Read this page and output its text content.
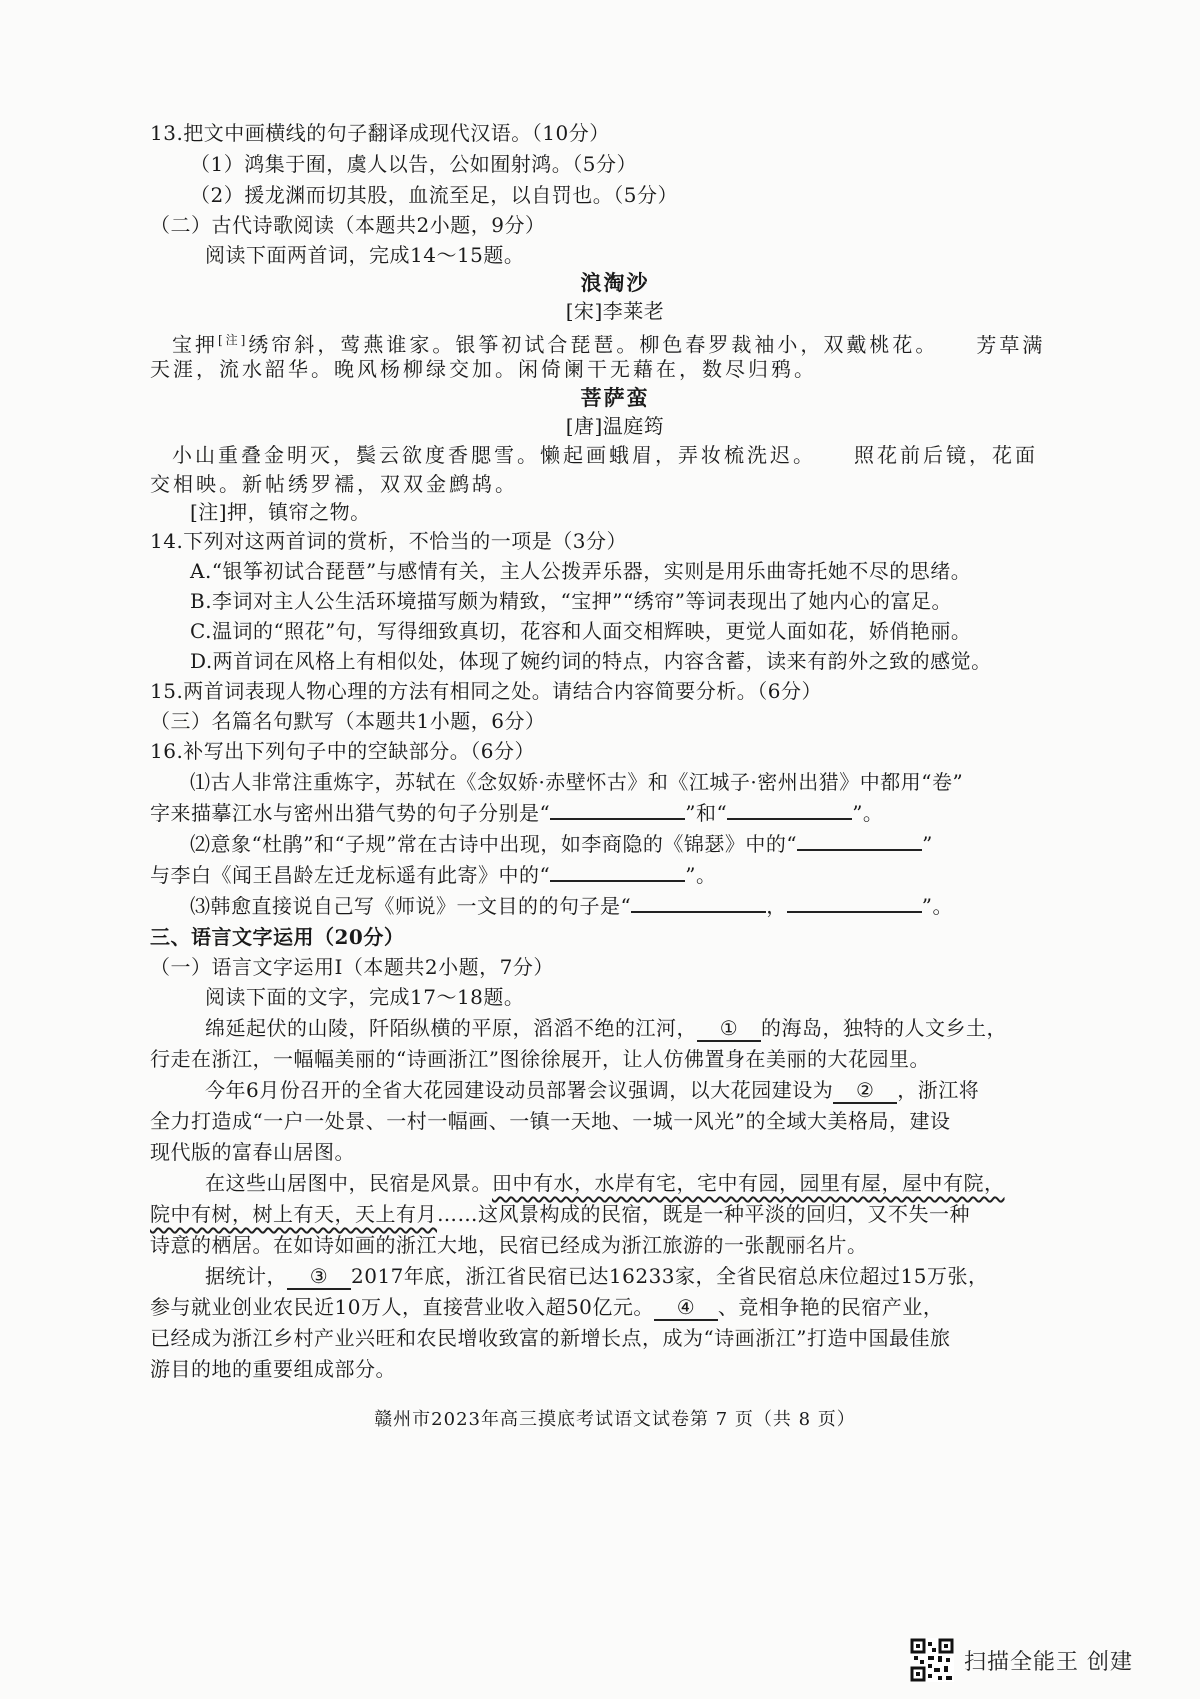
13.把文中画横线的句子翻译成现代汉语。（10分）
（1）鸿集于囿，虞人以告，公如囿射鸿。（5分）
（2）援龙渊而切其股，血流至足，以自罚也。（5分）
（二）古代诗歌阅读（本题共2小题，9分）
阅读下面两首词，完成14～15题。
浪淘沙
[宋]李莱老
宝押[注]绣帘斜，莺燕谁家。银筝初试合琵琶。柳色春罗裁袖小，双戴桃花。 芳草满
天涯，流水韶华。晚风杨柳绿交加。闲倚阑干无藉在，数尽归鸦。
菩萨蛮
[唐]温庭筠
小山重叠金明灭，鬓云欲度香腮雪。懒起画蛾眉，弄妆梳洗迟。 照花前后镜，花面
交相映。新帖绣罗襦，双双金鹧鸪。
[注]押，镇帘之物。
14.下列对这两首词的赏析，不恰当的一项是（3分）
A.“银筝初试合琵琶”与感情有关，主人公拨弄乐器，实则是用乐曲寄托她不尽的思绪。
B.李词对主人公生活环境描写颇为精致，“宝押”“绣帘”等词表现出了她内心的富足。
C.温词的“照花”句，写得细致真切，花容和人面交相辉映，更觉人面如花，娇俏艳丽。
D.两首词在风格上有相似处，体现了婉约词的特点，内容含蓄，读来有韵外之致的感觉。
15.两首词表现人物心理的方法有相同之处。请结合内容简要分析。（6分）
（三）名篇名句默写（本题共1小题，6分）
16.补写出下列句子中的空缺部分。（6分）
⑴古人非常注重炼字，苏轼在《念奴娇·赤壁怀古》和《江城子·密州出猎》中都用“卷”
字来描摹江水与密州出猎气势的句子分别是“	”和“	”。
⑵意象“杜鹃”和“子规”常在古诗中出现，如李商隐的《锦瑟》中的“	”
与李白《闻王昌龄左迁龙标遥有此寄》中的“	”。
⑶韩愈直接说自己写《师说》一文目的的句子是“	，	”。
三、语言文字运用（20分）
（一）语言文字运用Ⅰ（本题共2小题，7分）
阅读下面的文字，完成17～18题。
绵延起伏的山陵，阡陌纵横的平原，滔滔不绝的江河， ① 的海岛，独特的人文乡土，
行走在浙江，一幅幅美丽的“诗画浙江”图徐徐展开，让人仿佛置身在美丽的大花园里。
今年6月份召开的全省大花园建设动员部署会议强调，以大花园建设为 ② ，浙江将
全力打造成“一户一处景、一村一幅画、一镇一天地、一城一风光”的全域大美格局，建设
现代版的富春山居图。
在这些山居图中，民宿是风景。田中有水，水岸有宅，宅中有园，园里有屋，屋中有院，
院中有树，树上有天，天上有月……这风景构成的民宿，既是一种平淡的回归，又不失一种
诗意的栖居。在如诗如画的浙江大地，民宿已经成为浙江旅游的一张靓丽名片。
据统计， ③ 2017年底，浙江省民宿已达16233家，全省民宿总床位超过15万张，
参与就业创业农民近10万人，直接营业收入超50亿元。 ④ 、竞相争艳的民宿产业，
已经成为浙江乡村产业兴旺和农民增收致富的新增长点，成为“诗画浙江”打造中国最佳旅
游目的地的重要组成部分。
赣州市2023年高三摸底考试语文试卷第 7 页（共 8 页）
扫描全能王 创建
